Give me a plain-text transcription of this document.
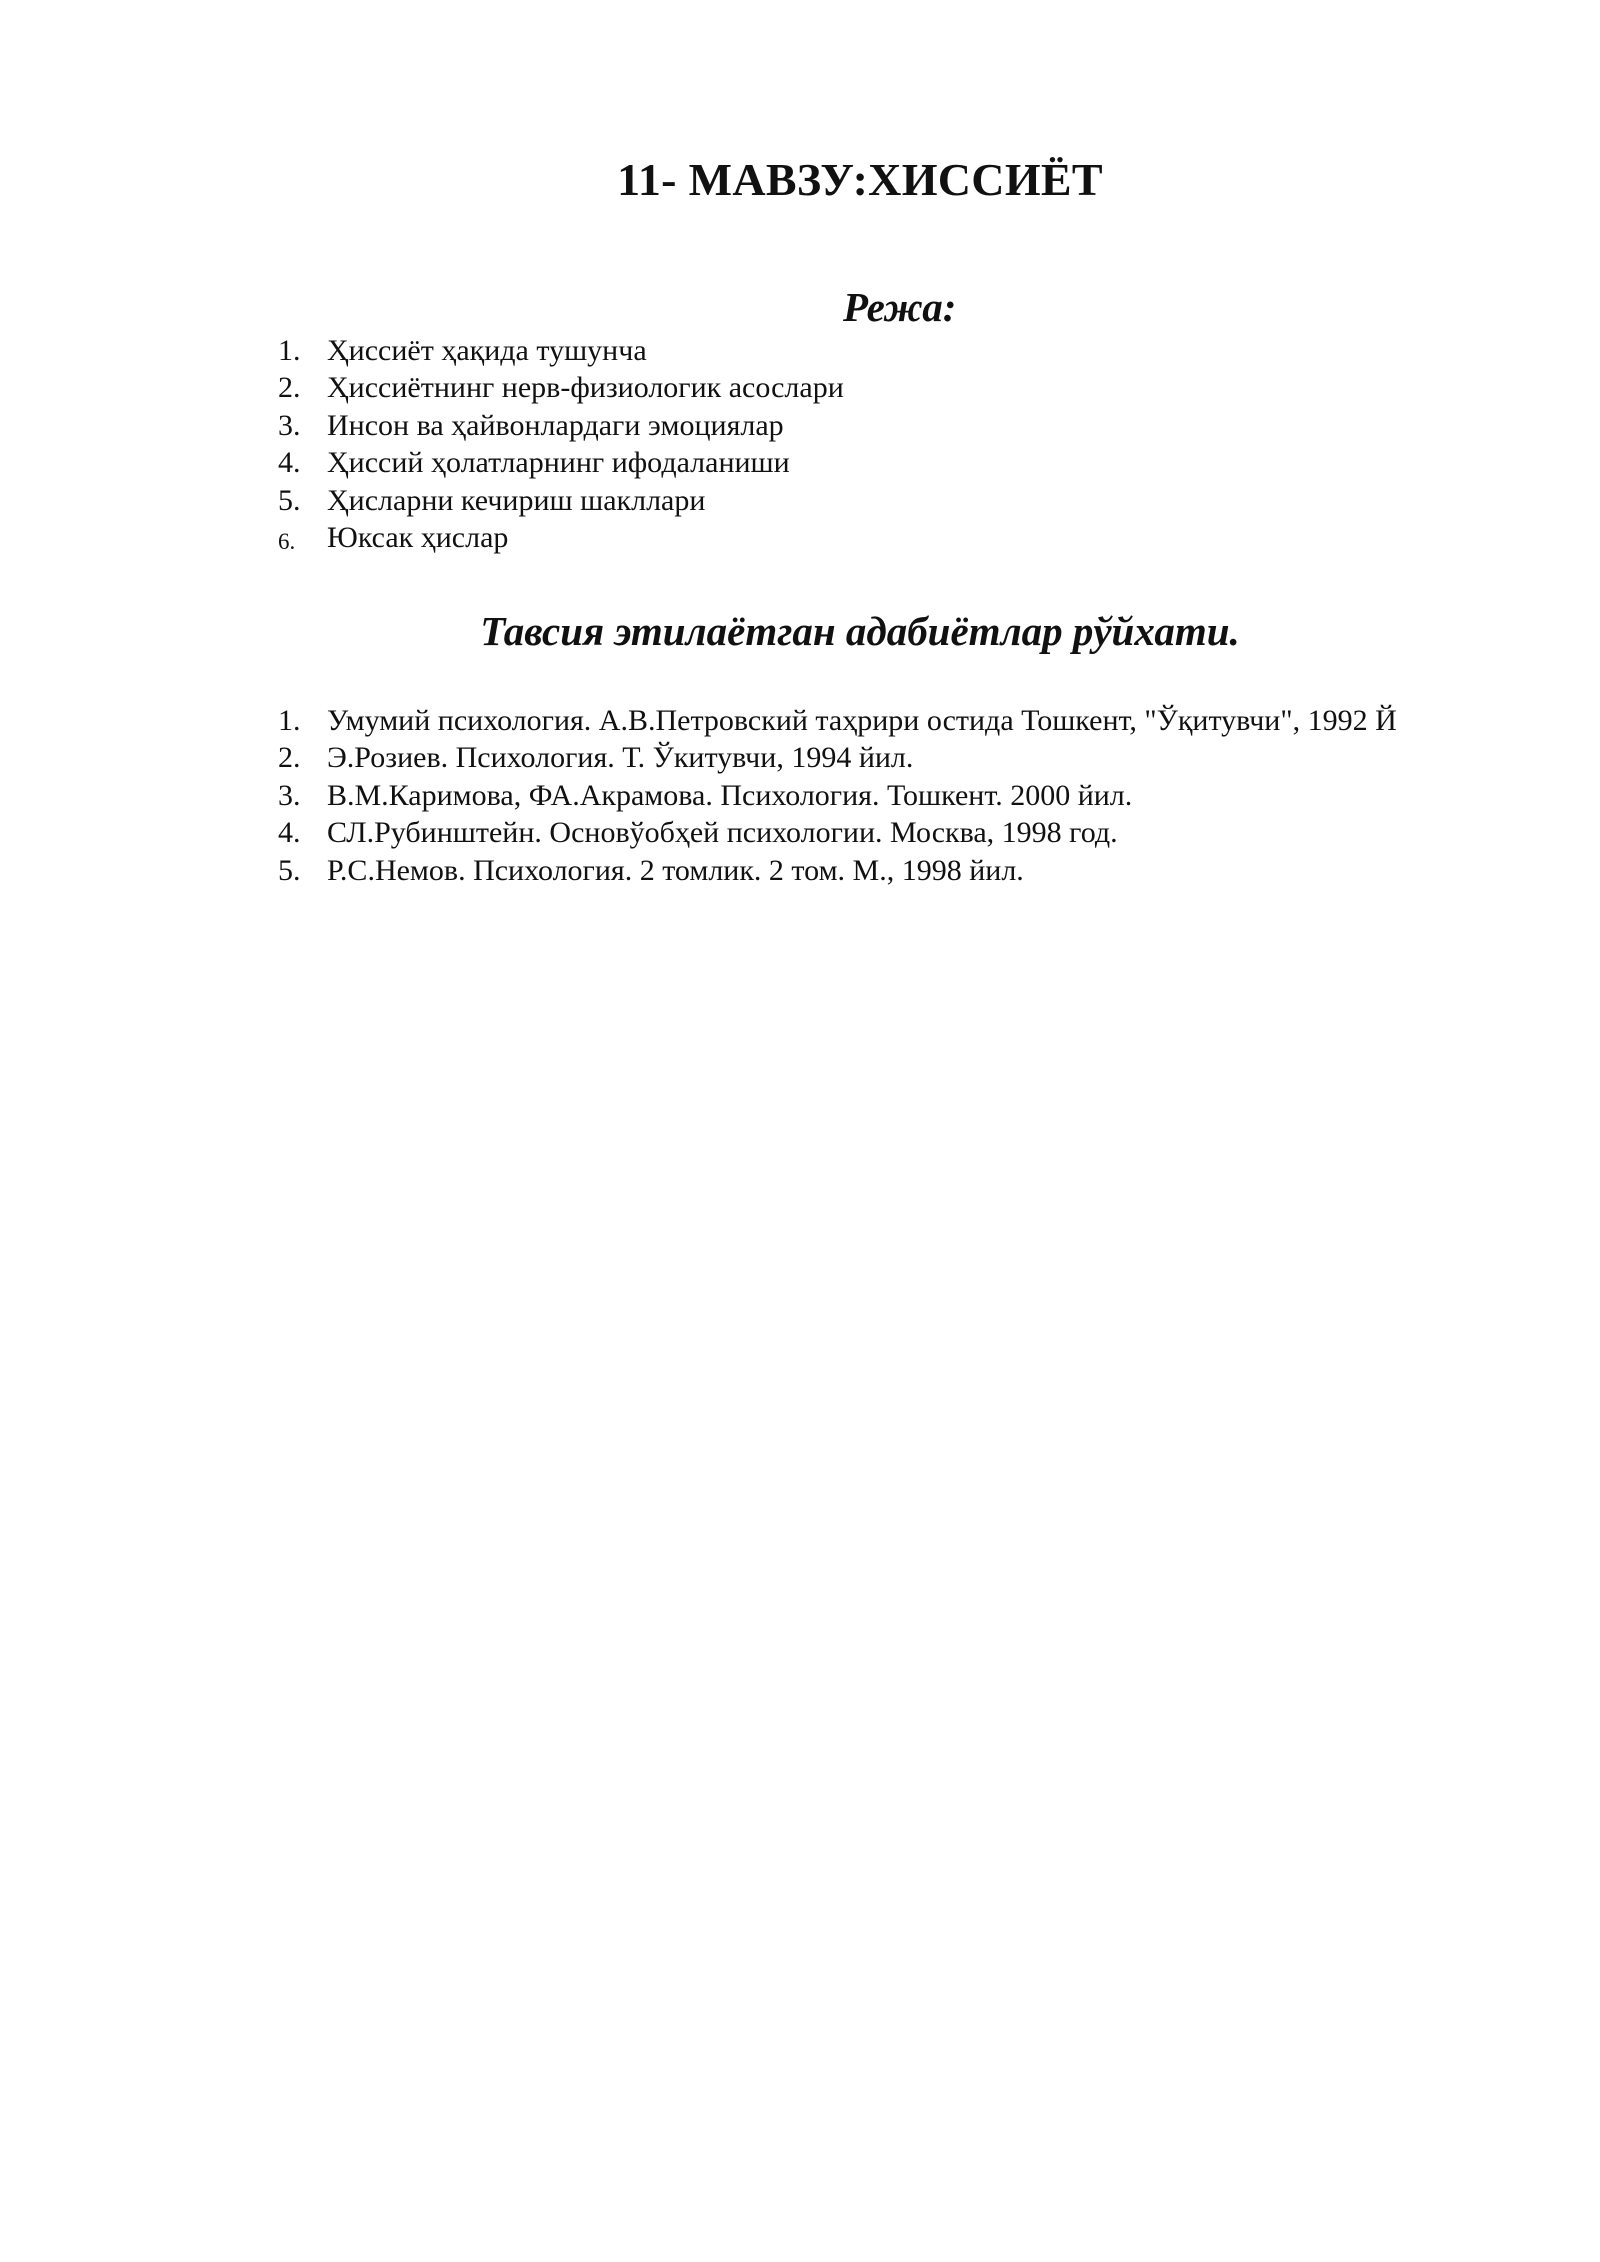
11- МАВЗУ:ХИССИЁТ
Режа:
1. Ҳиссиёт ҳақида тушунча
2. Ҳиссиётнинг нерв-физиологик асослари
3. Инсон ва ҳайвонлардаги эмоциялар
4. Ҳиссий ҳолатларнинг ифодаланиши
5. Ҳисларни кечириш шакллари
6. Юксак ҳислар
Тавсия этилаётган адабиётлар рўйхати.
1. Умумий психология. А.В.Петровский таҳрири остида Тошкент, "Ўқитувчи", 1992 Й
2. Э.Розиев. Психология. Т. Ўкитувчи, 1994 йил.
3. В.М.Каримова, ФА.Акрамова. Психология. Тошкент. 2000 йил.
4. СЛ.Рубинштейн. Основўобҳей психологии. Москва, 1998 год.
5. Р.С.Немов. Психология. 2 томлик. 2 том. М., 1998 йил.
